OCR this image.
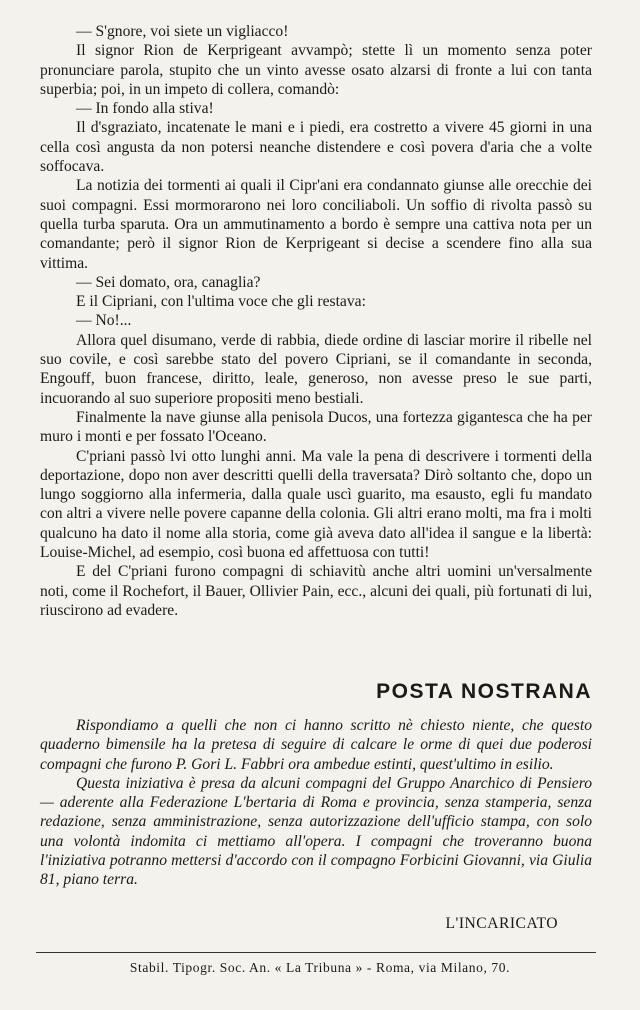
— S'gnore, voi siete un vigliacco!

Il signor Rion de Kerprigeant avvampò; stette lì un momento senza poter pronunciare parola, stupito che un vinto avesse osato alzarsi di fronte a lui con tanta superbia; poi, in un impeto di collera, comandò:

— In fondo alla stiva!

Il d'sgraziato, incatenate le mani e i piedi, era costretto a vivere 45 giorni in una cella così angusta da non potersi neanche distendere e così povera d'aria che a volte soffocava.

La notizia dei tormenti ai quali il Cipr'ani era condannato giunse alle orecchie dei suoi compagni. Essi mormorarono nei loro conciliaboli. Un soffio di rivolta passò su quella turba sparuta. Ora un ammutinamento a bordo è sempre una cattiva nota per un comandante; però il signor Rion de Kerprigeant si decise a scendere fino alla sua vittima.

— Sei domato, ora, canaglia?

E il Cipriani, con l'ultima voce che gli restava:

— No!...

Allora quel disumano, verde di rabbia, diede ordine di lasciar morire il ribelle nel suo covile, e così sarebbe stato del povero Cipriani, se il comandante in seconda, Engouff, buon francese, diritto, leale, generoso, non avesse preso le sue parti, incuorando al suo superiore propositi meno bestiali.

Finalmente la nave giunse alla penisola Ducos, una fortezza gigantesca che ha per muro i monti e per fossato l'Oceano.

C'priani passò lvi otto lunghi anni. Ma vale la pena di descrivere i tormenti della deportazione, dopo non aver descritti quelli della traversata? Dirò soltanto che, dopo un lungo soggiorno alla infermeria, dalla quale uscì guarito, ma esausto, egli fu mandato con altri a vivere nelle povere capanne della colonia. Gli altri erano molti, ma fra i molti qualcuno ha dato il nome alla storia, come già aveva dato all'idea il sangue e la libertà: Louise-Michel, ad esempio, così buona ed affettuosa con tutti!

E del C'priani furono compagni di schiavitù anche altri uomini un'versalmente noti, come il Rochefort, il Bauer, Ollivier Pain, ecc., alcuni dei quali, più fortunati di lui, riuscirono ad evadere.

POSTA NOSTRANA

Rispondiamo a quelli che non ci hanno scritto nè chiesto niente, che questo quaderno bimensile ha la pretesa di seguire di calcare le orme di quei due poderosi compagni che furono P. Gori L. Fabbri ora ambedue estinti, quest'ultimo in esilio.

Questa iniziativa è presa da alcuni compagni del Gruppo Anarchico di Pensiero — aderente alla Federazione L'bertaria di Roma e provincia, senza stamperia, senza redazione, senza amministrazione, senza autorizzazione dell'ufficio stampa, con solo una volontà indomita ci mettiamo all'opera. I compagni che troveranno buona l'iniziativa potranno mettersi d'accordo con il compagno Forbicini Giovanni, via Giulia 81, piano terra.

L'INCARICATO
Stabil. Tipogr. Soc. An. « La Tribuna » - Roma, via Milano, 70.
